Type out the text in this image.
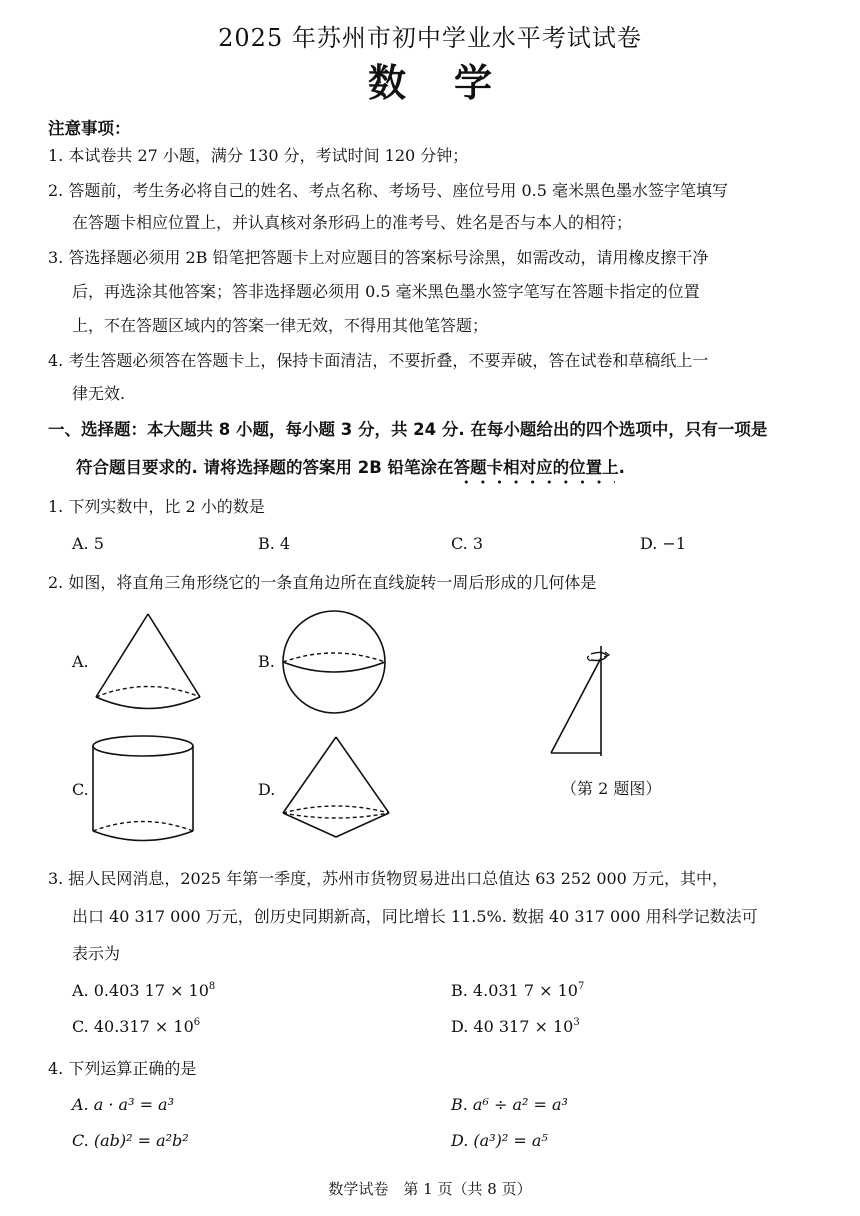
2025 年苏州市初中学业水平考试试卷
数学
注意事项：
1. 本试卷共 27 小题，满分 130 分，考试时间 120 分钟；
2. 答题前，考生务必将自己的姓名、考点名称、考场号、座位号用 0.5 毫米黑色墨水签字笔填写
在答题卡相应位置上，并认真核对条形码上的准考号、姓名是否与本人的相符；
3. 答选择题必须用 2B 铅笔把答题卡上对应题目的答案标号涂黑，如需改动，请用橡皮擦干净
后，再选涂其他答案；答非选择题必须用 0.5 毫米黑色墨水签字笔写在答题卡指定的位置
上，不在答题区域内的答案一律无效，不得用其他笔答题；
4. 考生答题必须答在答题卡上，保持卡面清洁，不要折叠，不要弄破，答在试卷和草稿纸上一
律无效.
一、选择题：本大题共 8 小题，每小题 3 分，共 24 分. 在每小题给出的四个选项中，只有一项是
符合题目要求的. 请将选择题的答案用 2B 铅笔涂在答题卡相对应的位置上.
1. 下列实数中，比 2 小的数是
A. 5	B. 4	C. 3	D. −1
2. 如图，将直角三角形绕它的一条直角边所在直线旋转一周后形成的几何体是
A.	B.
C.	D.	（第 2 题图）
3. 据人民网消息，2025 年第一季度，苏州市货物贸易进出口总值达 63 252 000 万元，其中，
出口 40 317 000 万元，创历史同期新高，同比增长 11.5%. 数据 40 317 000 用科学记数法可
表示为
A. 0.403 $17 \times 10^8$	B. 4.031 $7 \times 10^7$
C. $40.317 \times 10^6$	D. 40 $317 \times 10^3$
4. 下列运算正确的是
A. a · a³ = a³	B. a⁶ ÷ a² = a³
C. (ab)² = a²b²	D. (a³)² = a⁵
数学试卷　第 1 页（共 8 页）
